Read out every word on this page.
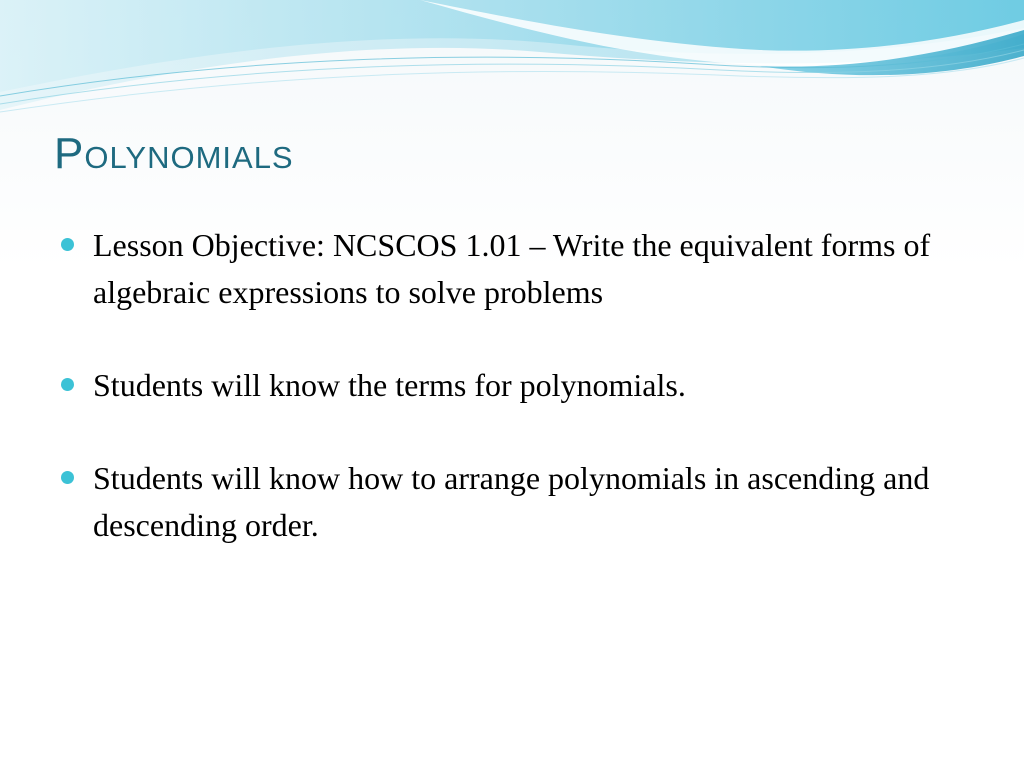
Polynomials
Lesson Objective: NCSCOS 1.01 – Write the equivalent forms of algebraic expressions to solve problems
Students will know the terms for polynomials.
Students will know how to arrange polynomials in ascending and descending order.
